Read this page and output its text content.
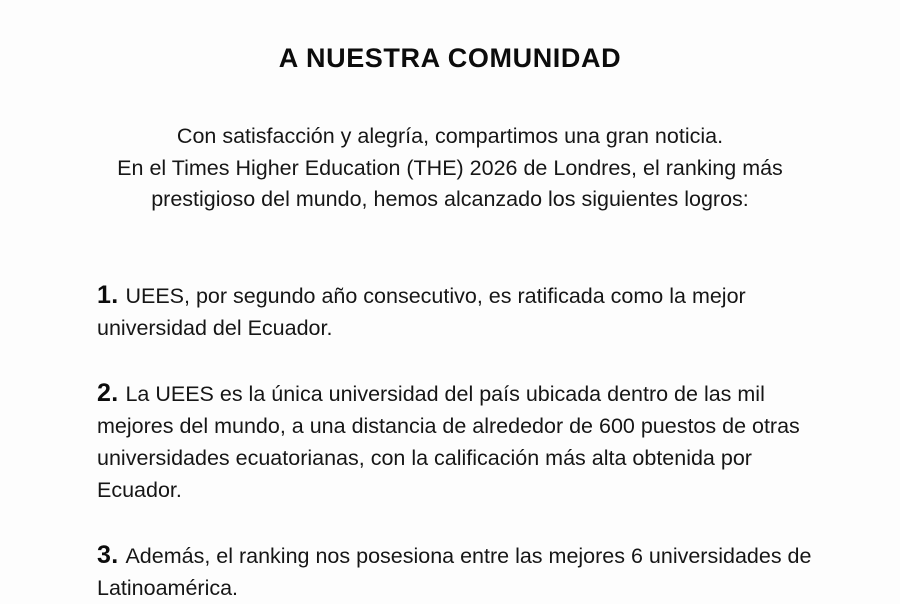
A NUESTRA COMUNIDAD
Con satisfacción y alegría, compartimos una gran noticia.
En el Times Higher Education (THE) 2026 de Londres, el ranking más prestigioso del mundo, hemos alcanzado los siguientes logros:
1. UEES, por segundo año consecutivo, es ratificada como la mejor universidad del Ecuador.
2. La UEES es la única universidad del país ubicada dentro de las mil mejores del mundo, a una distancia de alrededor de 600 puestos de otras universidades ecuatorianas, con la calificación más alta obtenida por Ecuador.
3. Además, el ranking nos posesiona entre las mejores 6 universidades de Latinoamérica.
